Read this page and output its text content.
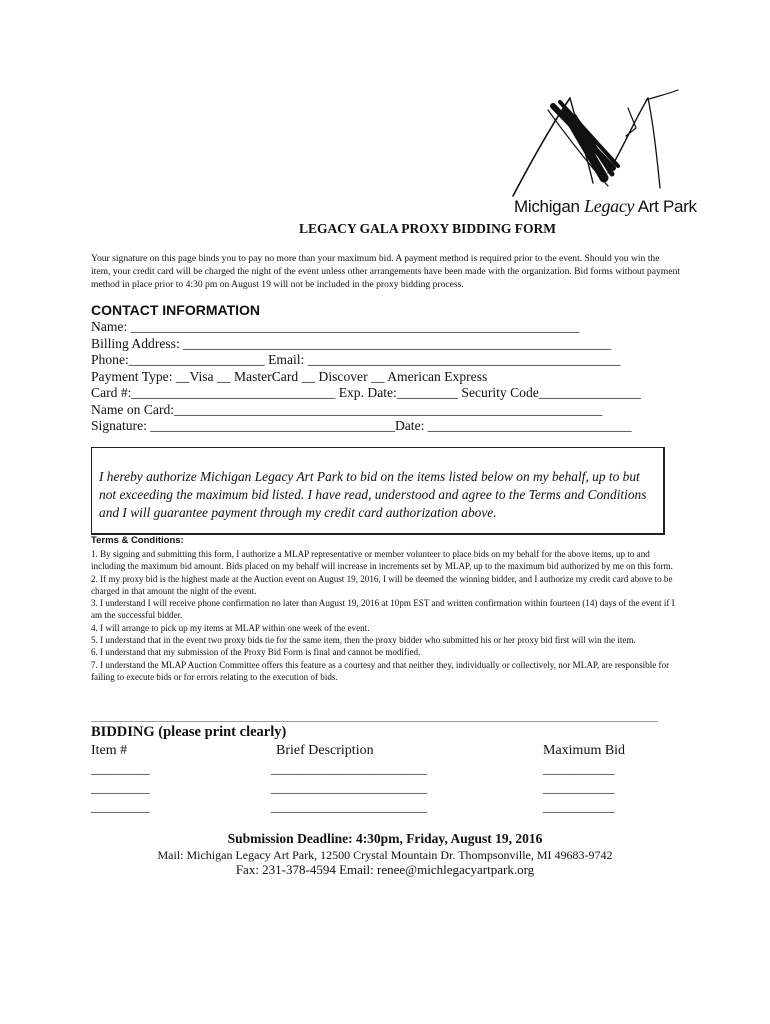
Michigan Legacy Art Park
LEGACY GALA PROXY BIDDING FORM
Your signature on this page binds you to pay no more than your maximum bid. A payment method is required prior to the event. Should you win the item, your credit card will be charged the night of the event unless other arrangements have been made with the organization. Bid forms without payment method in place prior to 4:30 pm on August 19 will not be included in the proxy bidding process.
CONTACT INFORMATION
Name: __________________________________________________________________
Billing Address: _______________________________________________________________
Phone:____________________ Email: ______________________________________________
Payment Type: __Visa __ MasterCard __ Discover __ American Express
Card #:______________________________ Exp. Date:_________ Security Code_______________
Name on Card:_______________________________________________________________
Signature: ____________________________________Date: ______________________________
I hereby authorize Michigan Legacy Art Park to bid on the items listed below on my behalf, up to but not exceeding the maximum bid listed. I have read, understood and agree to the Terms and Conditions and I will guarantee payment through my credit card authorization above.
Terms & Conditions:
1. By signing and submitting this form, I authorize a MLAP representative or member volunteer to place bids on my behalf for the above items, up to and including the maximum bid amount. Bids placed on my behalf will increase in increments set by MLAP, up to the maximum bid authorized by me on this form.
2. If my proxy bid is the highest made at the Auction event on August 19, 2016, I will be deemed the winning bidder, and I authorize my credit card above to be charged in that amount the night of the event.
3. I understand I will receive phone confirmation no later than August 19, 2016 at 10pm EST and written confirmation within fourteen (14) days of the event if I am the successful bidder.
4. I will arrange to pick up my items at MLAP within one week of the event.
5. I understand that in the event two proxy bids tie for the same item, then the proxy bidder who submitted his or her proxy bid first will win the item.
6. I understand that my submission of the Proxy Bid Form is final and cannot be modified.
7. I understand the MLAP Auction Committee offers this feature as a courtesy and that neither they, individually or collectively, nor MLAP, are responsible for failing to execute bids or for errors relating to the execution of bids.
______________________________________________________________________________________________________________________________
BIDDING (please print clearly)
Item #	Brief Description	Maximum Bid
_________	________________________	___________
_________	________________________	___________
_________	________________________	___________
Submission Deadline: 4:30pm, Friday, August 19, 2016
Mail: Michigan Legacy Art Park, 12500 Crystal Mountain Dr. Thompsonville, MI 49683-9742
Fax: 231-378-4594 Email: renee@michlegacyartpark.org
